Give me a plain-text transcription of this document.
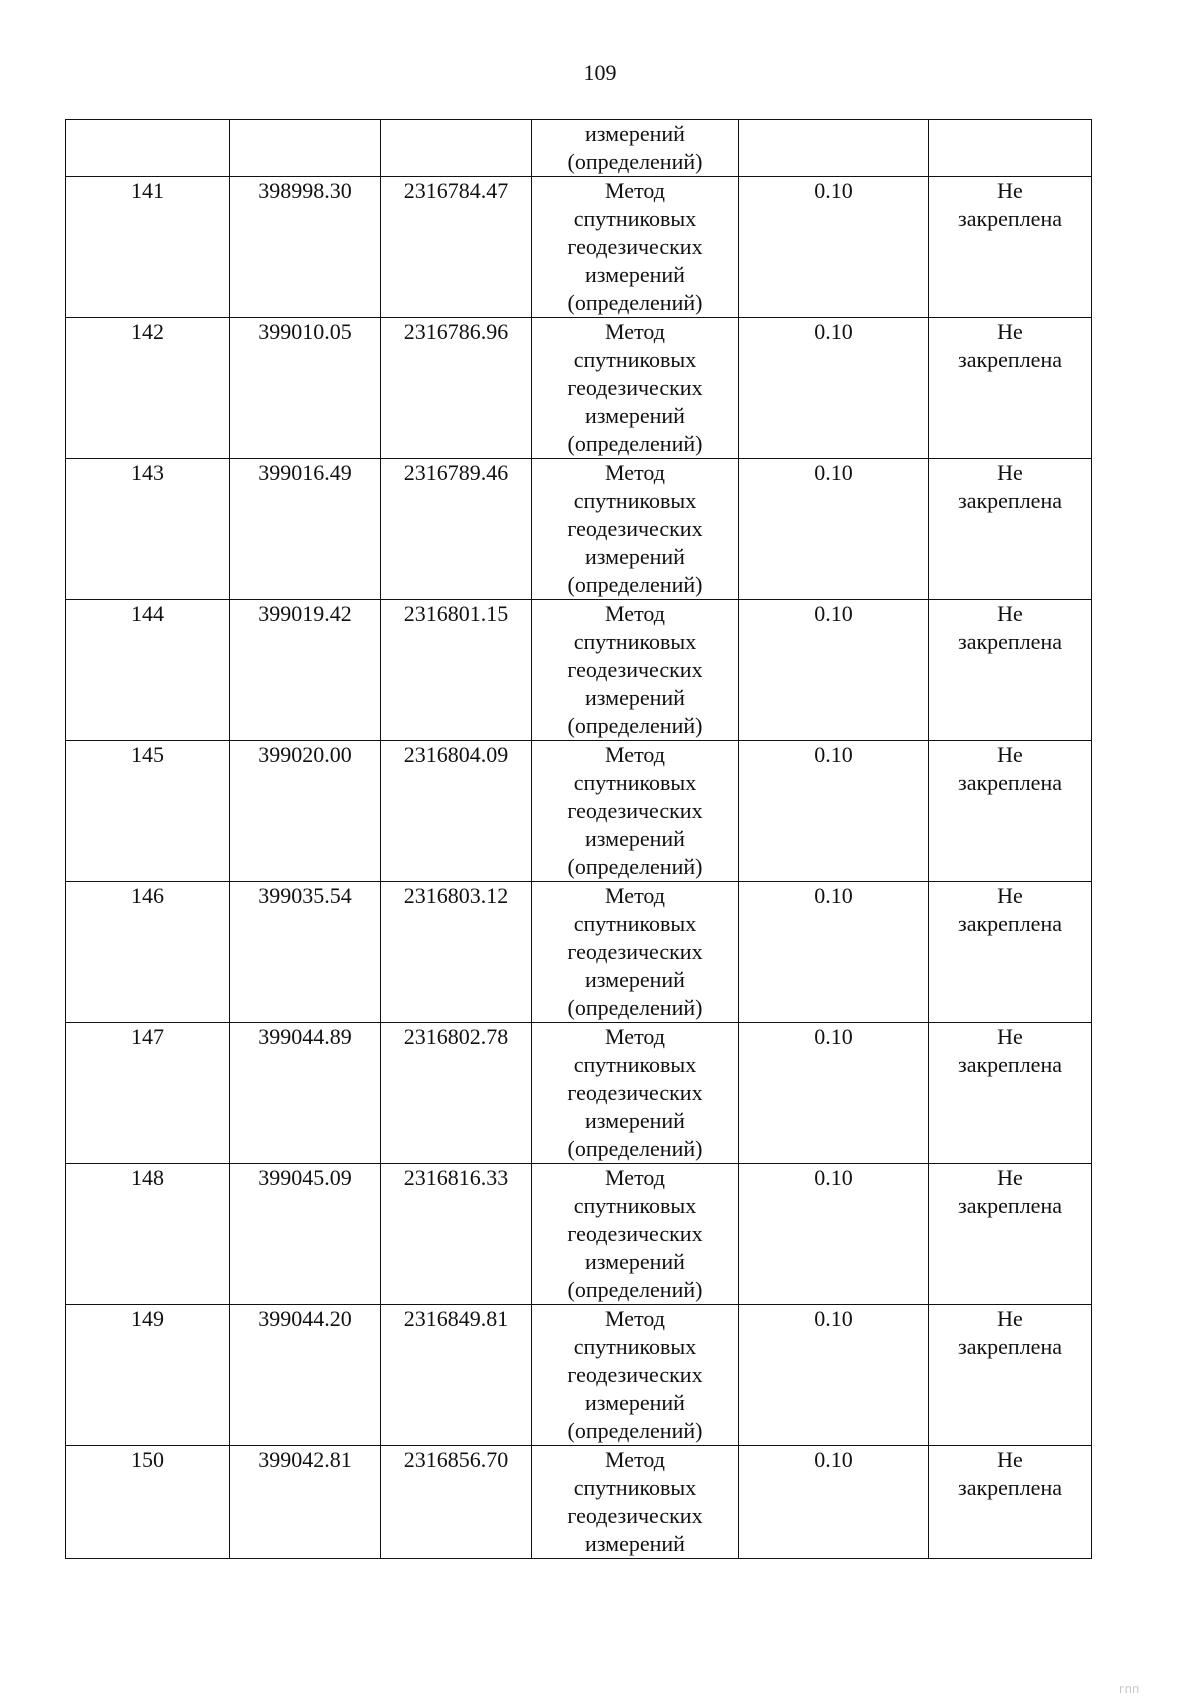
109
			измерений
(определений)		
141	398998.30	2316784.47	Метод
спутниковых
геодезических
измерений
(определений)	0.10	Не
закреплена
142	399010.05	2316786.96	Метод
спутниковых
геодезических
измерений
(определений)	0.10	Не
закреплена
143	399016.49	2316789.46	Метод
спутниковых
геодезических
измерений
(определений)	0.10	Не
закреплена
144	399019.42	2316801.15	Метод
спутниковых
геодезических
измерений
(определений)	0.10	Не
закреплена
145	399020.00	2316804.09	Метод
спутниковых
геодезических
измерений
(определений)	0.10	Не
закреплена
146	399035.54	2316803.12	Метод
спутниковых
геодезических
измерений
(определений)	0.10	Не
закреплена
147	399044.89	2316802.78	Метод
спутниковых
геодезических
измерений
(определений)	0.10	Не
закреплена
148	399045.09	2316816.33	Метод
спутниковых
геодезических
измерений
(определений)	0.10	Не
закреплена
149	399044.20	2316849.81	Метод
спутниковых
геодезических
измерений
(определений)	0.10	Не
закреплена
150	399042.81	2316856.70	Метод
спутниковых
геодезических
измерений	0.10	Не
закреплена
ГПП
